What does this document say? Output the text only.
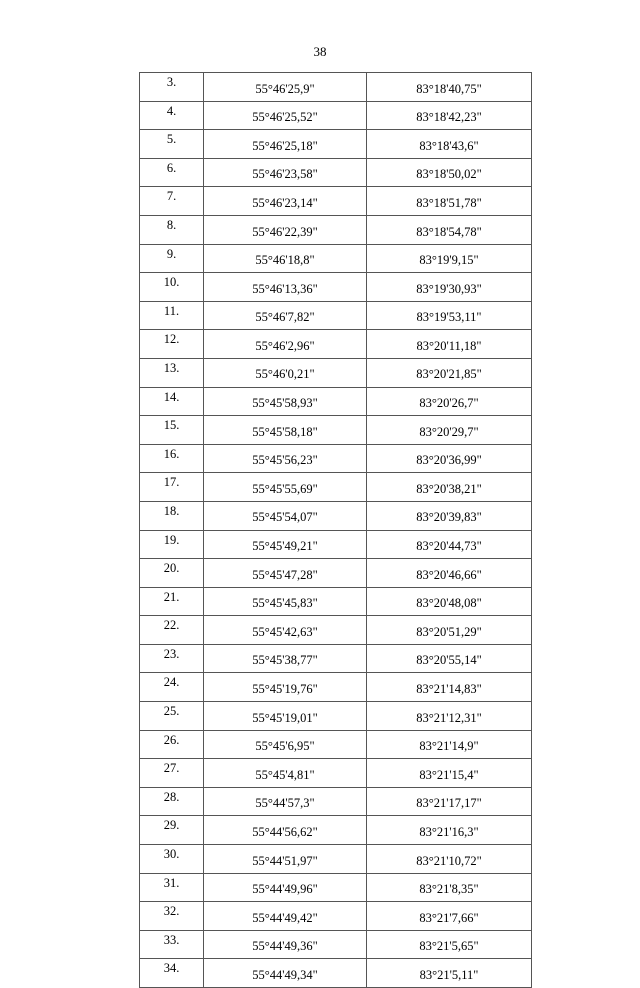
38
3.	55°46'25,9"	83°18'40,75"
4.	55°46'25,52"	83°18'42,23"
5.	55°46'25,18"	83°18'43,6"
6.	55°46'23,58"	83°18'50,02"
7.	55°46'23,14"	83°18'51,78"
8.	55°46'22,39"	83°18'54,78"
9.	55°46'18,8"	83°19'9,15"
10.	55°46'13,36"	83°19'30,93"
11.	55°46'7,82"	83°19'53,11"
12.	55°46'2,96"	83°20'11,18"
13.	55°46'0,21"	83°20'21,85"
14.	55°45'58,93"	83°20'26,7"
15.	55°45'58,18"	83°20'29,7"
16.	55°45'56,23"	83°20'36,99"
17.	55°45'55,69"	83°20'38,21"
18.	55°45'54,07"	83°20'39,83"
19.	55°45'49,21"	83°20'44,73"
20.	55°45'47,28"	83°20'46,66"
21.	55°45'45,83"	83°20'48,08"
22.	55°45'42,63"	83°20'51,29"
23.	55°45'38,77"	83°20'55,14"
24.	55°45'19,76"	83°21'14,83"
25.	55°45'19,01"	83°21'12,31"
26.	55°45'6,95"	83°21'14,9"
27.	55°45'4,81"	83°21'15,4"
28.	55°44'57,3"	83°21'17,17"
29.	55°44'56,62"	83°21'16,3"
30.	55°44'51,97"	83°21'10,72"
31.	55°44'49,96"	83°21'8,35"
32.	55°44'49,42"	83°21'7,66"
33.	55°44'49,36"	83°21'5,65"
34.	55°44'49,34"	83°21'5,11"
